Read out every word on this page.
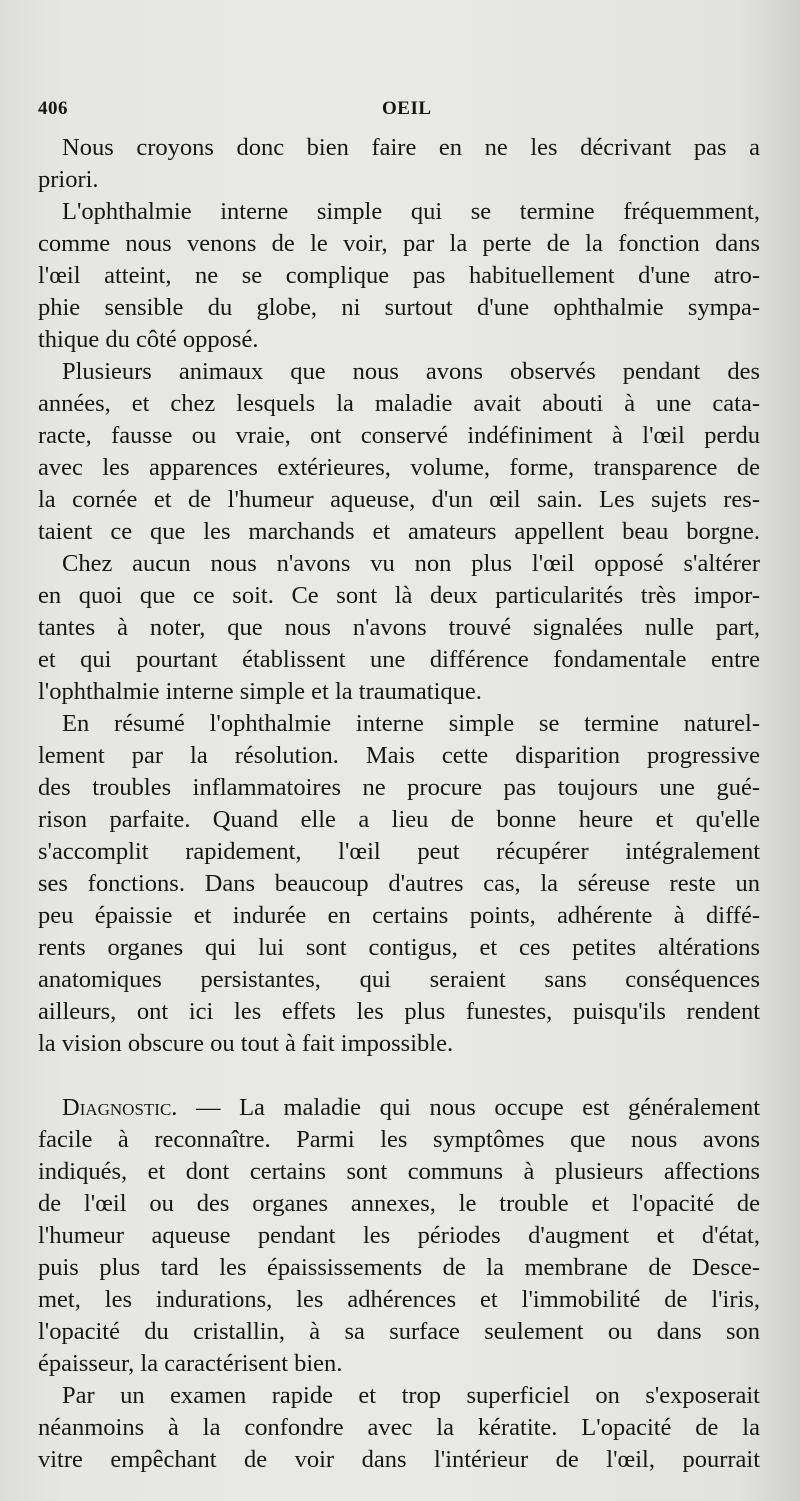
406	OEIL
Nous croyons donc bien faire en ne les décrivant pas a
priori.
L'ophthalmie interne simple qui se termine fréquemment,
comme nous venons de le voir, par la perte de la fonction dans
l'œil atteint, ne se complique pas habituellement d'une atro-
phie sensible du globe, ni surtout d'une ophthalmie sympa-
thique du côté opposé.
Plusieurs animaux que nous avons observés pendant des
années, et chez lesquels la maladie avait abouti à une cata-
racte, fausse ou vraie, ont conservé indéfiniment à l'œil perdu
avec les apparences extérieures, volume, forme, transparence de
la cornée et de l'humeur aqueuse, d'un œil sain. Les sujets res-
taient ce que les marchands et amateurs appellent beau borgne.
Chez aucun nous n'avons vu non plus l'œil opposé s'altérer
en quoi que ce soit. Ce sont là deux particularités très impor-
tantes à noter, que nous n'avons trouvé signalées nulle part,
et qui pourtant établissent une différence fondamentale entre
l'ophthalmie interne simple et la traumatique.
En résumé l'ophthalmie interne simple se termine naturel-
lement par la résolution. Mais cette disparition progressive
des troubles inflammatoires ne procure pas toujours une gué-
rison parfaite. Quand elle a lieu de bonne heure et qu'elle
s'accomplit rapidement, l'œil peut récupérer intégralement
ses fonctions. Dans beaucoup d'autres cas, la séreuse reste un
peu épaissie et indurée en certains points, adhérente à diffé-
rents organes qui lui sont contigus, et ces petites altérations
anatomiques persistantes, qui seraient sans conséquences
ailleurs, ont ici les effets les plus funestes, puisqu'ils rendent
la vision obscure ou tout à fait impossible.
Diagnostic. — La maladie qui nous occupe est généralement
facile à reconnaître. Parmi les symptômes que nous avons
indiqués, et dont certains sont communs à plusieurs affections
de l'œil ou des organes annexes, le trouble et l'opacité de
l'humeur aqueuse pendant les périodes d'augment et d'état,
puis plus tard les épaississements de la membrane de Desce-
met, les indurations, les adhérences et l'immobilité de l'iris,
l'opacité du cristallin, à sa surface seulement ou dans son
épaisseur, la caractérisent bien.
Par un examen rapide et trop superficiel on s'exposerait
néanmoins à la confondre avec la kératite. L'opacité de la
vitre empêchant de voir dans l'intérieur de l'œil, pourrait
